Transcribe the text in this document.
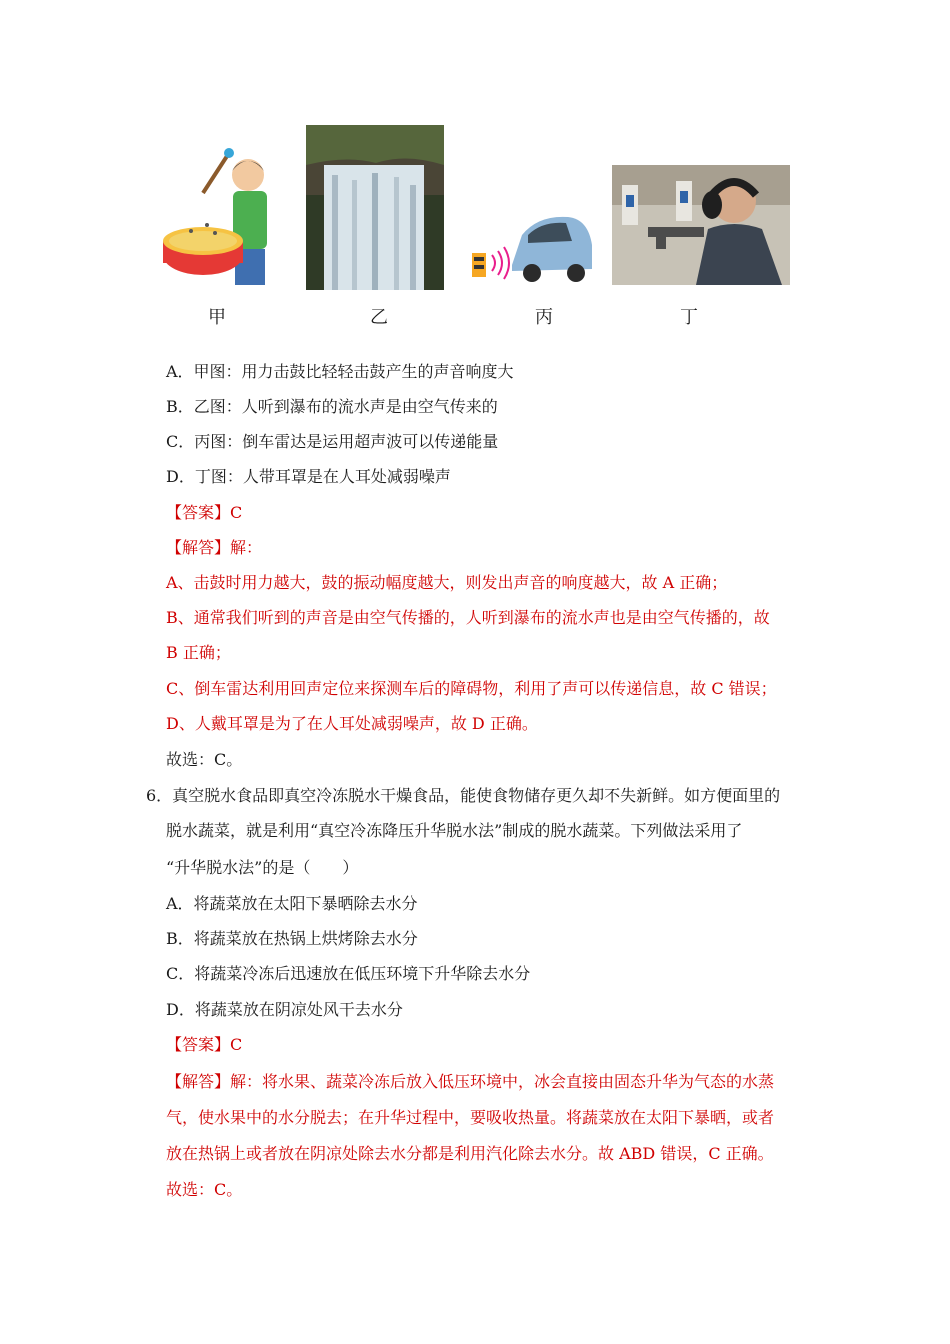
甲	乙	丙	丁
A．甲图：用力击鼓比轻轻击鼓产生的声音响度大
B．乙图：人听到瀑布的流水声是由空气传来的
C．丙图：倒车雷达是运用超声波可以传递能量
D．丁图：人带耳罩是在人耳处减弱噪声
【答案】C
【解答】解：
A、击鼓时用力越大，鼓的振动幅度越大，则发出声音的响度越大，故 A 正确；
B、通常我们听到的声音是由空气传播的，人听到瀑布的流水声也是由空气传播的，故
B 正确；
C、倒车雷达利用回声定位来探测车后的障碍物，利用了声可以传递信息，故 C 错误；
D、人戴耳罩是为了在人耳处减弱噪声，故 D 正确。
故选：C。
6．真空脱水食品即真空冷冻脱水干燥食品，能使食物储存更久却不失新鲜。如方便面里的
脱水蔬菜，就是利用“真空冷冻降压升华脱水法”制成的脱水蔬菜。下列做法采用了
“升华脱水法”的是（　　）
A．将蔬菜放在太阳下暴晒除去水分
B．将蔬菜放在热锅上烘烤除去水分
C．将蔬菜冷冻后迅速放在低压环境下升华除去水分
D．将蔬菜放在阴凉处风干去水分
【答案】C
【解答】解：将水果、蔬菜冷冻后放入低压环境中，冰会直接由固态升华为气态的水蒸
气，使水果中的水分脱去；在升华过程中，要吸收热量。将蔬菜放在太阳下暴晒，或者
放在热锅上或者放在阴凉处除去水分都是利用汽化除去水分。故 ABD 错误，C 正确。
故选：C。
